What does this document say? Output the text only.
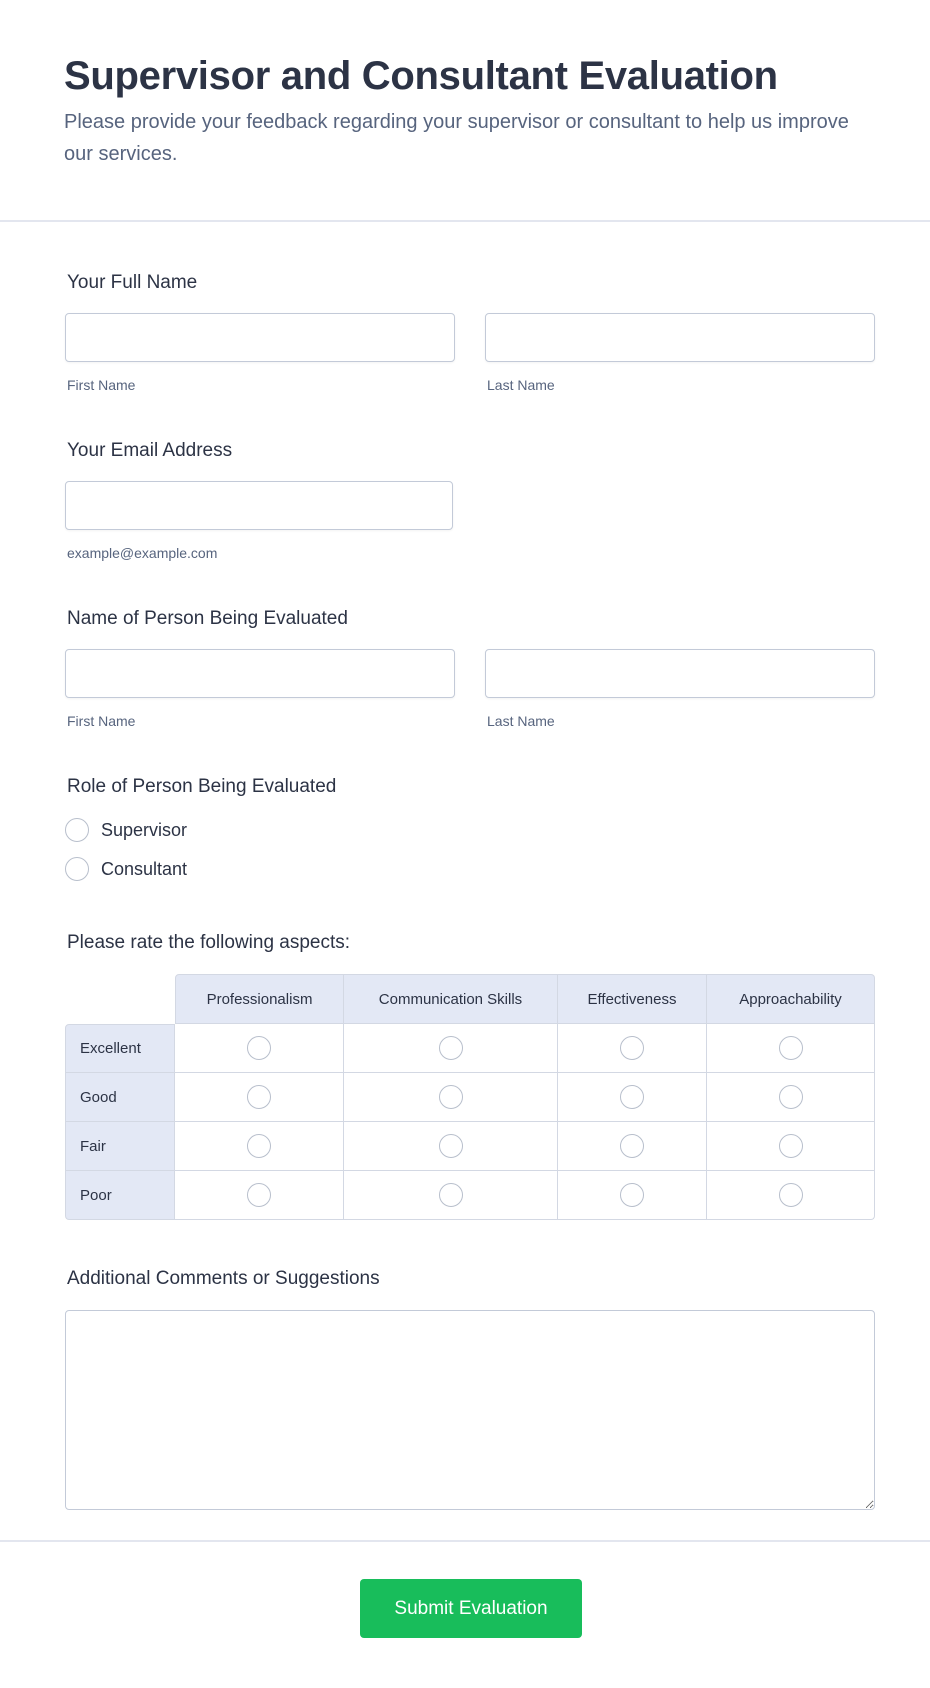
Supervisor and Consultant Evaluation

Please provide your feedback regarding your supervisor or consultant to help us improve our services.

Your Full Name
First Name	Last Name
Your Email Address
example@example.com
Name of Person Being Evaluated
First Name	Last Name
Role of Person Being Evaluated
Supervisor
Consultant
Please rate the following aspects:
	Professionalism	Communication Skills	Effectiveness	Approachability
Excellent				
Good				
Fair				
Poor				
Additional Comments or Suggestions
Submit Evaluation
